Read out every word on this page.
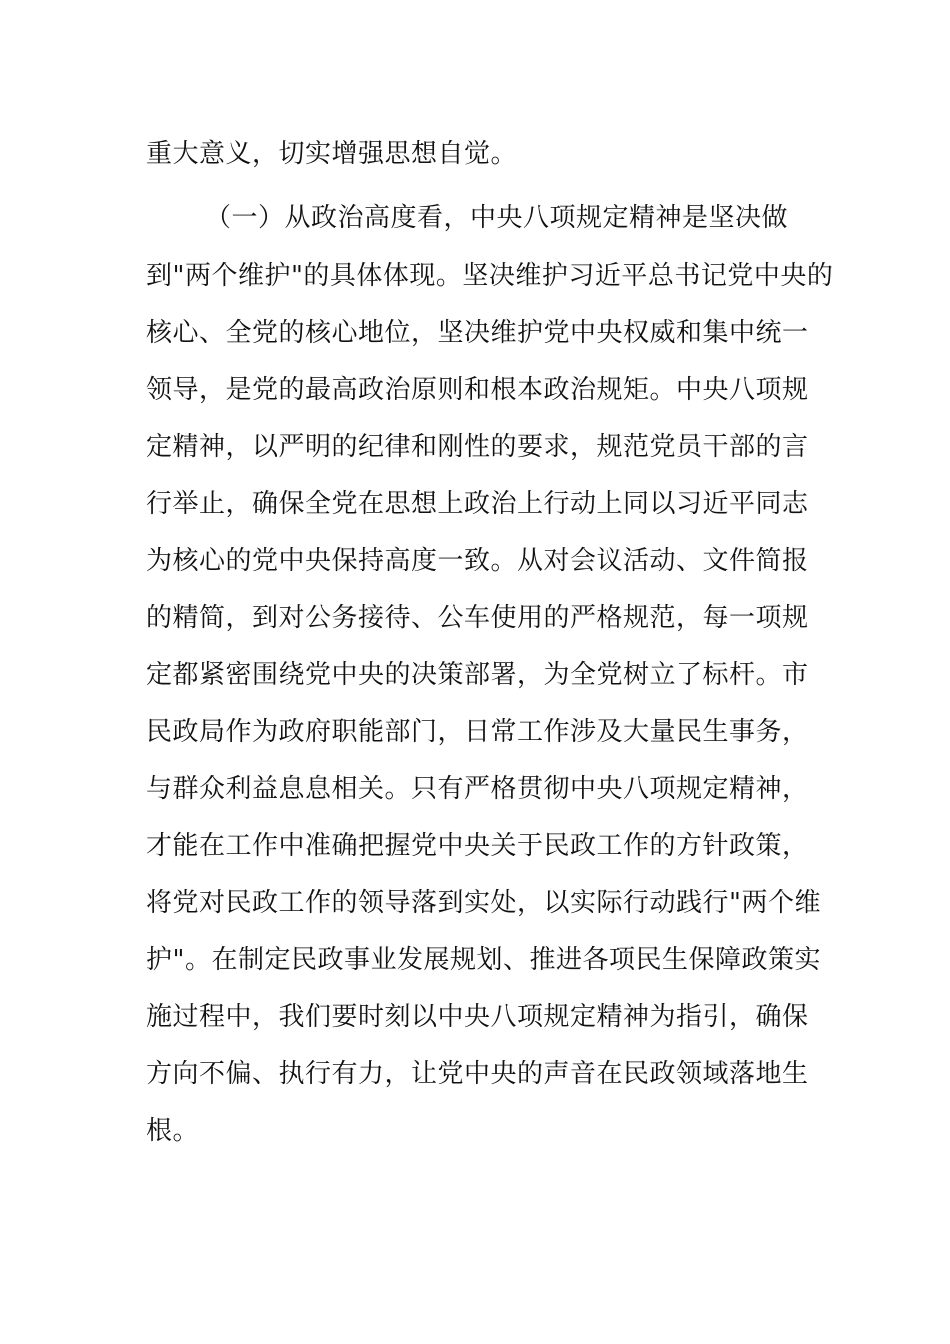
重大意义，切实增强思想自觉。

（一）从政治高度看，中央八项规定精神是坚决做

到"两个维护"的具体体现。坚决维护习近平总书记党中央的

核心、全党的核心地位，坚决维护党中央权威和集中统一

领导，是党的最高政治原则和根本政治规矩。中央八项规

定精神，以严明的纪律和刚性的要求，规范党员干部的言

行举止，确保全党在思想上政治上行动上同以习近平同志

为核心的党中央保持高度一致。从对会议活动、文件简报

的精简，到对公务接待、公车使用的严格规范，每一项规

定都紧密围绕党中央的决策部署，为全党树立了标杆。市

民政局作为政府职能部门，日常工作涉及大量民生事务，

与群众利益息息相关。只有严格贯彻中央八项规定精神，

才能在工作中准确把握党中央关于民政工作的方针政策，

将党对民政工作的领导落到实处，以实际行动践行"两个维

护"。在制定民政事业发展规划、推进各项民生保障政策实

施过程中，我们要时刻以中央八项规定精神为指引，确保

方向不偏、执行有力，让党中央的声音在民政领域落地生

根。
